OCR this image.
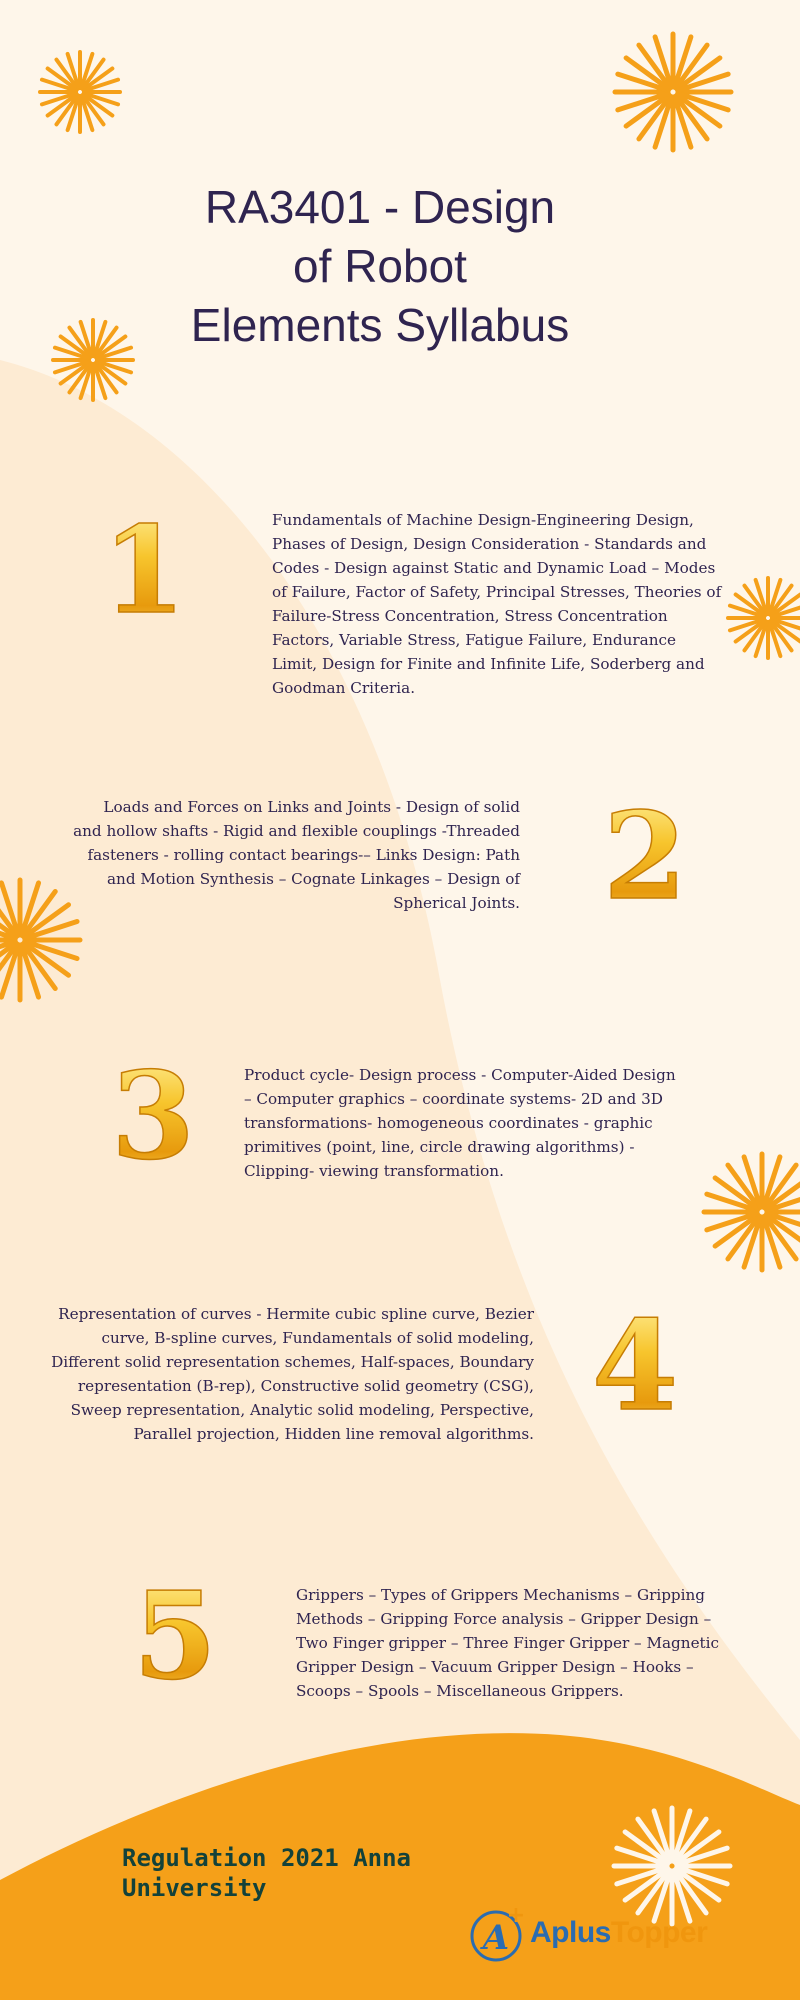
RA3401 - Design
of Robot
Elements Syllabus
1	Fundamentals of Machine Design-Engineering Design, Phases of Design, Design Consideration - Standards and Codes - Design against Static and Dynamic Load – Modes of Failure, Factor of Safety, Principal Stresses, Theories of Failure-Stress Concentration, Stress Concentration Factors, Variable Stress, Fatigue Failure, Endurance Limit, Design for Finite and Infinite Life, Soderberg and Goodman Criteria.
Loads and Forces on Links and Joints - Design of solid and hollow shafts - Rigid and flexible couplings -Threaded fasteners - rolling contact bearings-– Links Design: Path and Motion Synthesis – Cognate Linkages – Design of Spherical Joints. 2
3	Product cycle- Design process - Computer-Aided Design – Computer graphics – coordinate systems- 2D and 3D transformations- homogeneous coordinates - graphic primitives (point, line, circle drawing algorithms) - Clipping- viewing transformation.
Representation of curves - Hermite cubic spline curve, Bezier curve, B-spline curves, Fundamentals of solid modeling, Different solid representation schemes, Half-spaces, Boundary representation (B-rep), Constructive solid geometry (CSG), Sweep representation, Analytic solid modeling, Perspective, Parallel projection, Hidden line removal algorithms. 4
5	Grippers – Types of Grippers Mechanisms – Gripping Methods – Gripping Force analysis – Gripper Design – Two Finger gripper – Three Finger Gripper – Magnetic Gripper Design – Vacuum Gripper Design – Hooks – Scoops – Spools – Miscellaneous Grippers.
Regulation 2021 Anna University
A
+
AplusTopper
